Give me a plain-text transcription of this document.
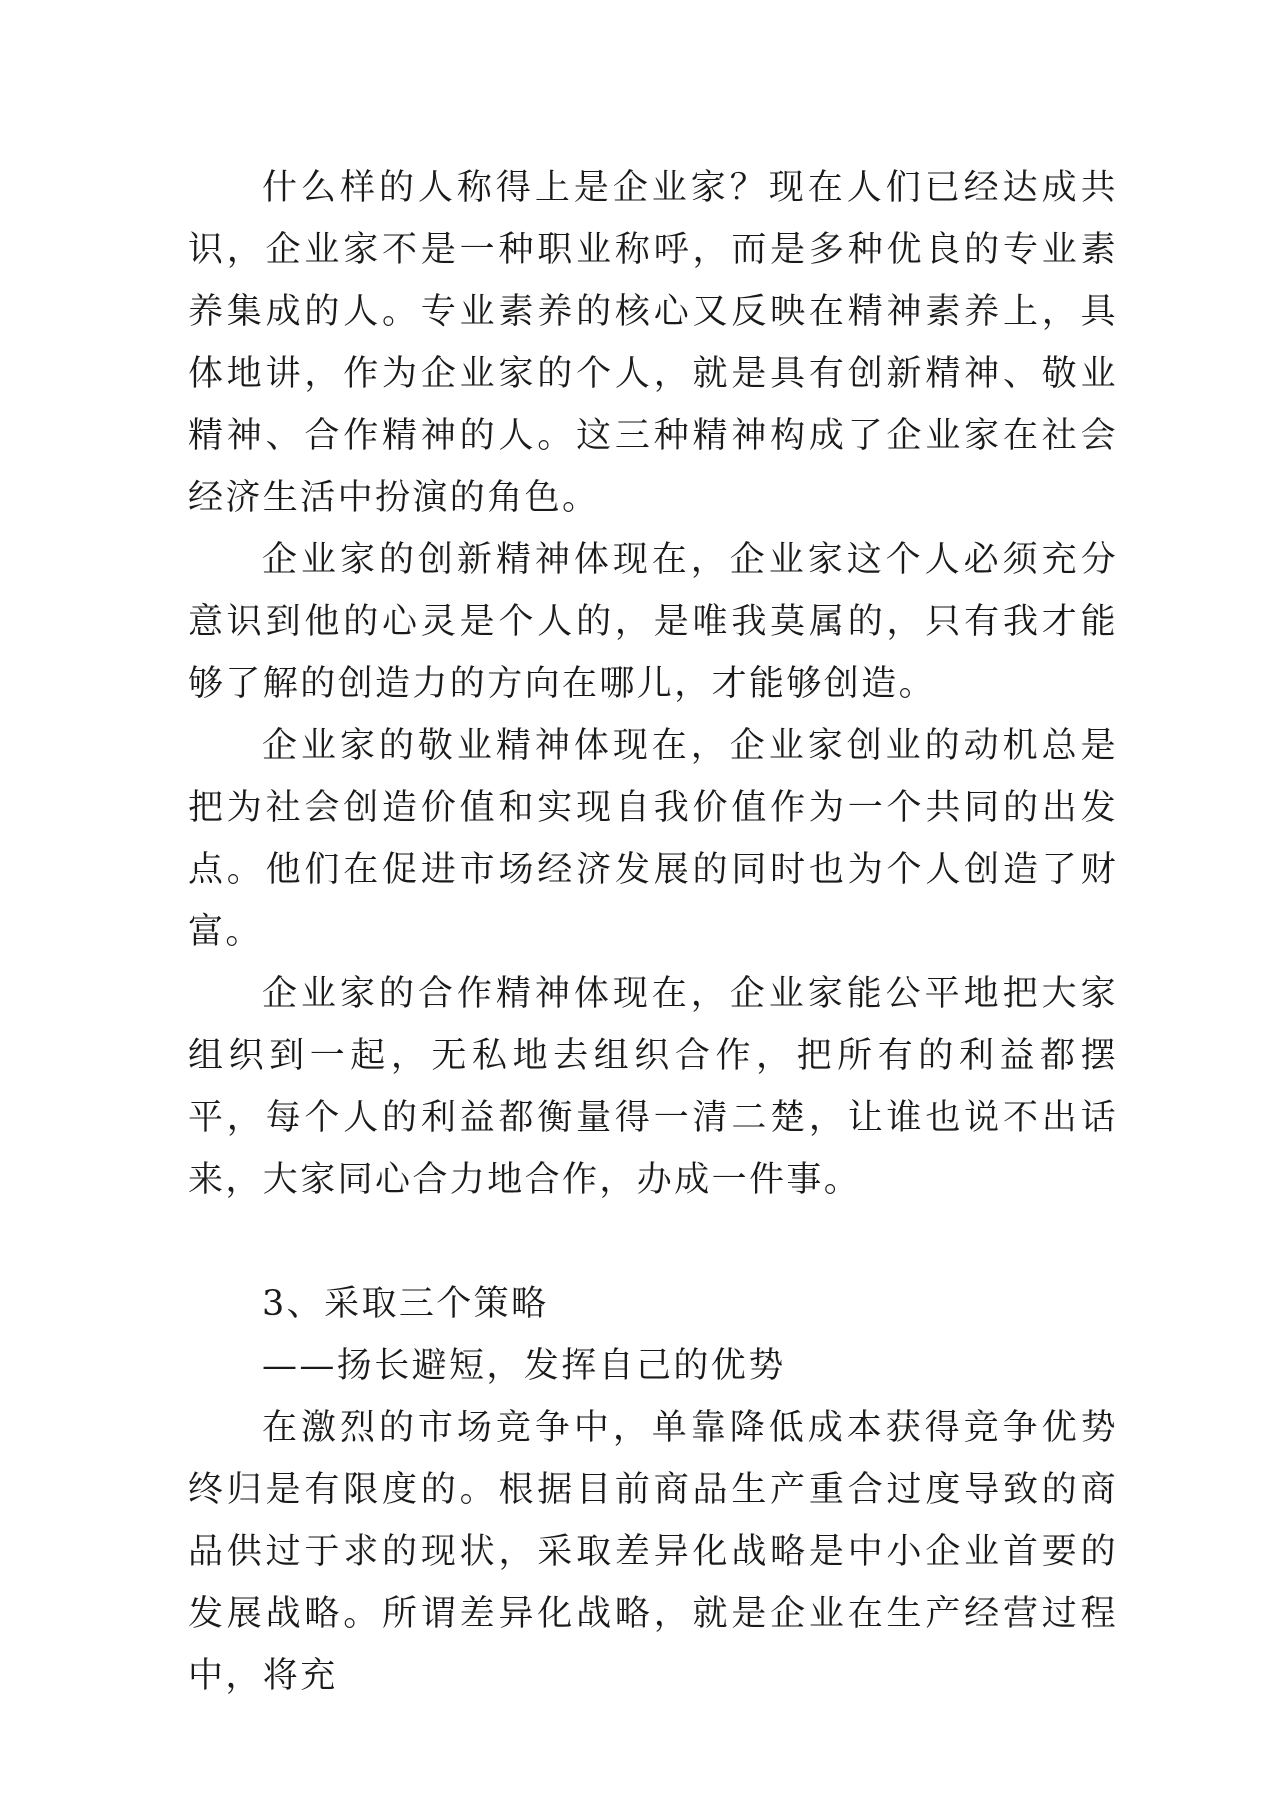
什么样的人称得上是企业家？现在人们已经达成共识，企业家不是一种职业称呼，而是多种优良的专业素养集成的人。专业素养的核心又反映在精神素养上，具体地讲，作为企业家的个人，就是具有创新精神、敬业精神、合作精神的人。这三种精神构成了企业家在社会经济生活中扮演的角色。

企业家的创新精神体现在，企业家这个人必须充分意识到他的心灵是个人的，是唯我莫属的，只有我才能够了解的创造力的方向在哪儿，才能够创造。

企业家的敬业精神体现在，企业家创业的动机总是把为社会创造价值和实现自我价值作为一个共同的出发点。他们在促进市场经济发展的同时也为个人创造了财富。

企业家的合作精神体现在，企业家能公平地把大家组织到一起，无私地去组织合作，把所有的利益都摆平，每个人的利益都衡量得一清二楚，让谁也说不出话来，大家同心合力地合作，办成一件事。

3、采取三个策略

——扬长避短，发挥自己的优势

在激烈的市场竞争中，单靠降低成本获得竞争优势终归是有限度的。根据目前商品生产重合过度导致的商品供过于求的现状，采取差异化战略是中小企业首要的发展战略。所谓差异化战略，就是企业在生产经营过程中，将充
